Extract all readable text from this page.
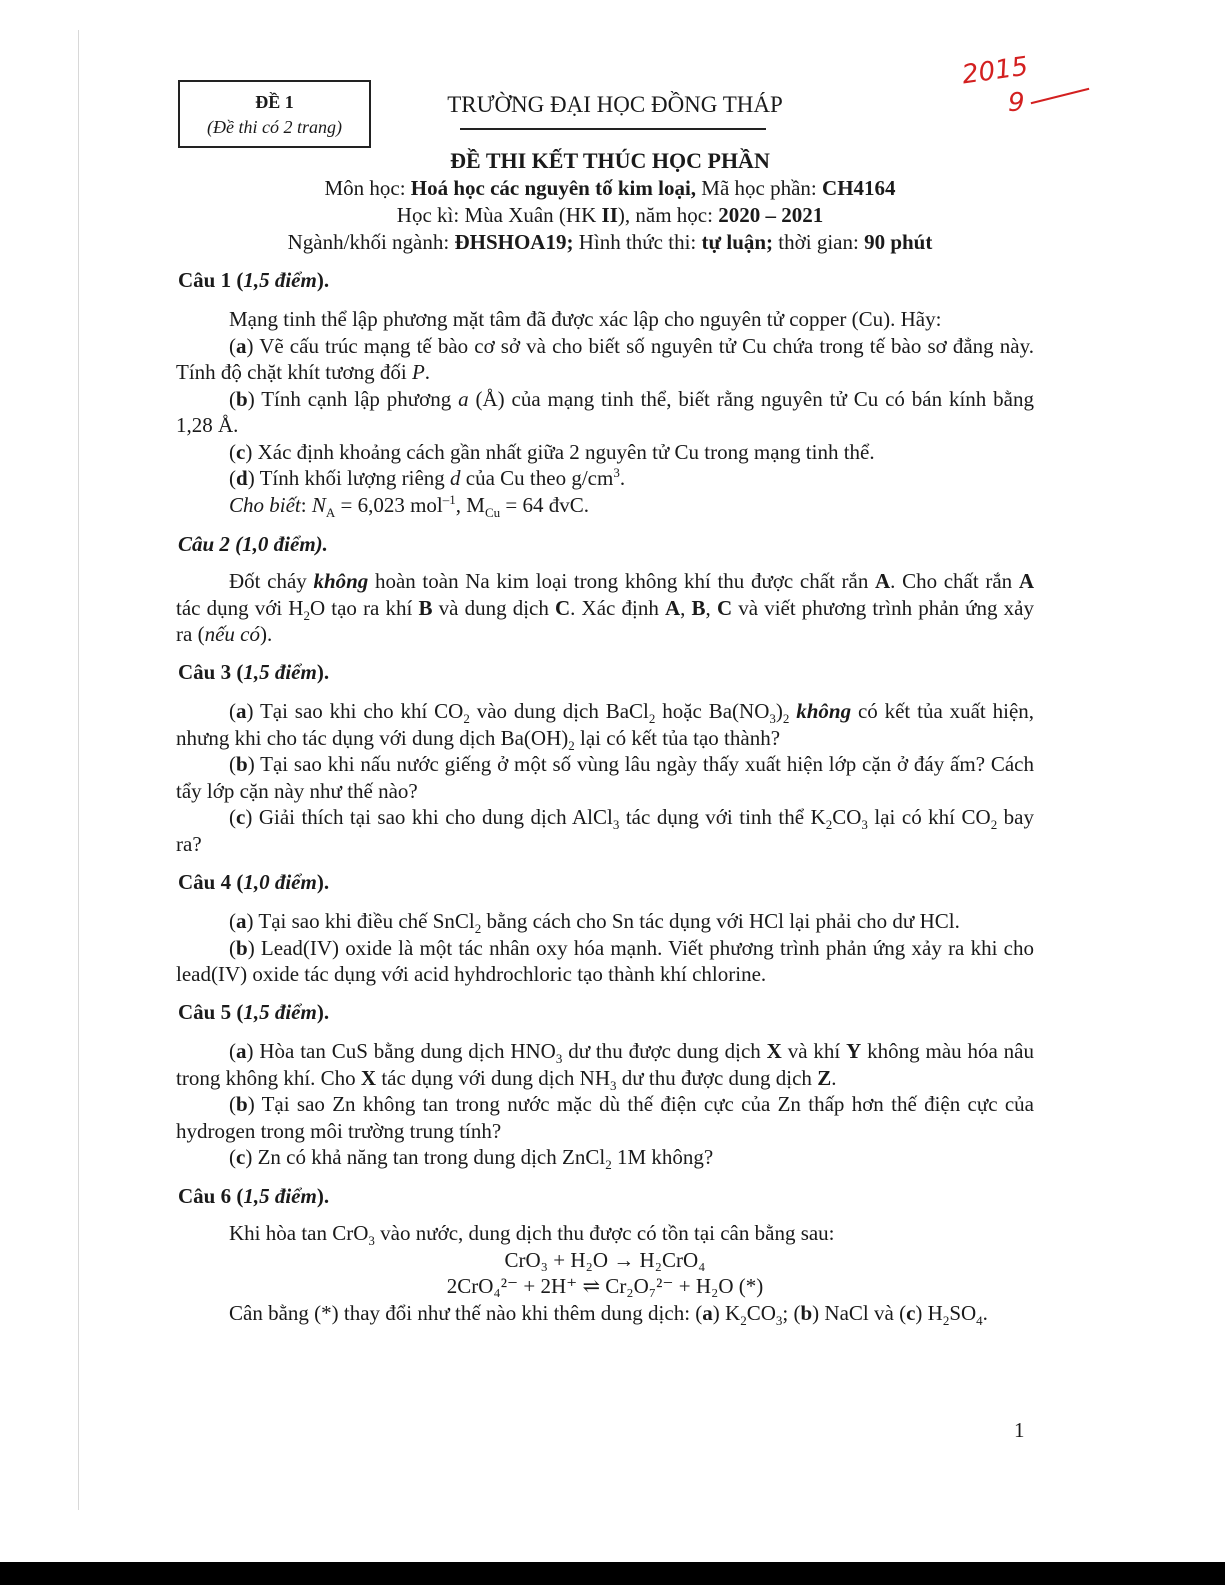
ĐỀ 1
(Đề thi có 2 trang)
TRƯỜNG ĐẠI HỌC ĐỒNG THÁP
2015
9
ĐỀ THI KẾT THÚC HỌC PHẦN
Môn học: Hoá học các nguyên tố kim loại, Mã học phần: CH4164
Học kì: Mùa Xuân (HK II), năm học: 2020 – 2021
Ngành/khối ngành: ĐHSHOA19; Hình thức thi: tự luận; thời gian: 90 phút
Câu 1 (1,5 điểm).

Mạng tinh thể lập phương mặt tâm đã được xác lập cho nguyên tử copper (Cu). Hãy:

(a) Vẽ cấu trúc mạng tế bào cơ sở và cho biết số nguyên tử Cu chứa trong tế bào sơ đẳng này. Tính độ chặt khít tương đối P.

(b) Tính cạnh lập phương a (Å) của mạng tinh thể, biết rằng nguyên tử Cu có bán kính bằng 1,28 Å.

(c) Xác định khoảng cách gần nhất giữa 2 nguyên tử Cu trong mạng tinh thể.

(d) Tính khối lượng riêng d của Cu theo $g/cm^3$.

Cho biết: $N_A = 6,023$ mol$^{-1}$, $M_{Cu} = 64$ đvC.

Câu 2 (1,0 điểm).

Đốt cháy không hoàn toàn Na kim loại trong không khí thu được chất rắn A. Cho chất rắn A tác dụng với $H_2O$ tạo ra khí B và dung dịch C. Xác định A, B, C và viết phương trình phản ứng xảy ra (nếu có).

Câu 3 (1,5 điểm).

(a) Tại sao khi cho khí $CO_2$ vào dung dịch BaCl$_2$ hoặc $Ba(NO_3)_2$ không có kết tủa xuất hiện, nhưng khi cho tác dụng với dung dịch $Ba(OH)_2$ lại có kết tủa tạo thành?

(b) Tại sao khi nấu nước giếng ở một số vùng lâu ngày thấy xuất hiện lớp cặn ở đáy ấm? Cách tẩy lớp cặn này như thế nào?

(c) Giải thích tại sao khi cho dung dịch AlCl$_3$ tác dụng với tinh thể $K_2CO_3$ lại có khí $CO_2$ bay ra?

Câu 4 (1,0 điểm).

(a) Tại sao khi điều chế SnCl$_2$ bằng cách cho Sn tác dụng với HCl lại phải cho dư HCl.

(b) Lead(IV) oxide là một tác nhân oxy hóa mạnh. Viết phương trình phản ứng xảy ra khi cho lead(IV) oxide tác dụng với acid hyhdrochloric tạo thành khí chlorine.

Câu 5 (1,5 điểm).

(a) Hòa tan CuS bằng dung dịch $HNO_3$ dư thu được dung dịch X và khí Y không màu hóa nâu trong không khí. Cho X tác dụng với dung dịch $NH_3$ dư thu được dung dịch Z.

(b) Tại sao Zn không tan trong nước mặc dù thế điện cực của Zn thấp hơn thế điện cực của hydrogen trong môi trường trung tính?

(c) Zn có khả năng tan trong dung dịch ZnCl$_2$ 1M không?

Câu 6 (1,5 điểm).

Khi hòa tan CrO$_3$ vào nước, dung dịch thu được có tồn tại cân bằng sau:

CrO₃ + H₂O → H₂CrO₄

2CrO₄²⁻ + 2H⁺ ⇌ Cr₂O₇²⁻ + H₂O (*)

Cân bằng (*) thay đổi như thế nào khi thêm dung dịch: (a) $K_2CO_3$; (b) NaCl và (c) $H_2SO_4$.

1
